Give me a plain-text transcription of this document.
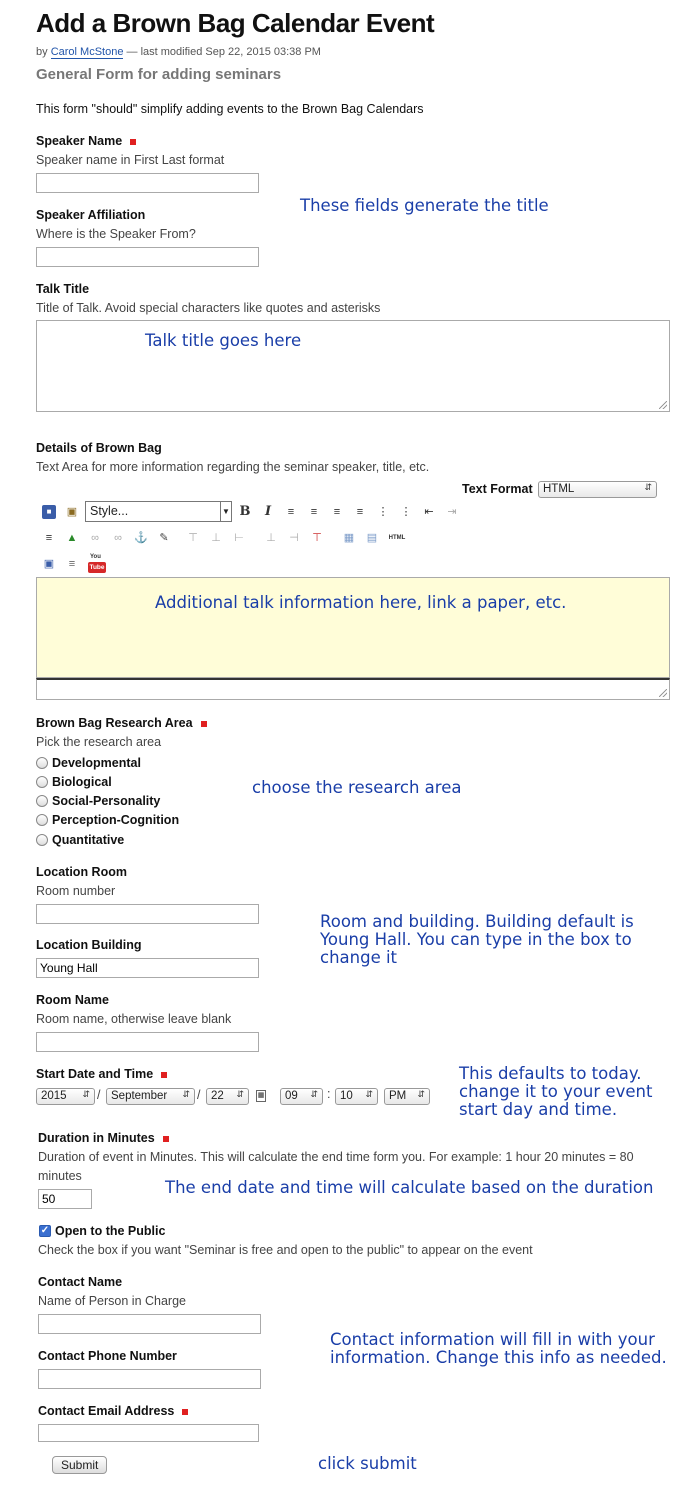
Add a Brown Bag Calendar Event
by Carol McStone — last modified Sep 22, 2015 03:38 PM
General Form for adding seminars
This form "should" simplify adding events to the Brown Bag Calendars
Speaker Name
Speaker name in First Last format
Speaker Affiliation
Where is the Speaker From?
These fields generate the title
Talk Title
Title of Talk. Avoid special characters like quotes and asterisks
Talk title goes here
Details of Brown Bag
Text Area for more information regarding the seminar speaker, title, etc.
Text Format HTML	⇵
■	▣ Style...	▼ B	I	≡	≡	≡	≡	⋮ ⋮ ⇤ ⇥
≡	▲ ∞ ∞ ⚓ ✎ ⊤ ⊥ ⊢ ⊥ ⊣ ⊤ ▦ ▤	HTML
▣	≡
You
Tube
Additional talk information here, link a paper, etc.
Brown Bag Research Area
Pick the research area
Developmental
Biological
Social-Personality
Perception-Cognition
Quantitative
choose the research area
Location Room
Room number
Location Building
Young Hall
Room and building. Building default is
Young Hall. You can type in the box to
change it
Room Name
Room name, otherwise leave blank
Start Date and Time
2015 ⇵ / September ⇵ / 22 ⇵ ▦	09 ⇵ : 10 ⇵	PM ⇵
This defaults to today.
change it to your event
start day and time.
Duration in Minutes
Duration of event in Minutes. This will calculate the end time form you. For example: 1 hour 20 minutes = 80
minutes
50
The end date and time will calculate based on the duration
✓ Open to the Public
Check the box if you want "Seminar is free and open to the public" to appear on the event
Contact Name
Name of Person in Charge
Contact Phone Number
Contact information will fill in with your
information. Change this info as needed.
Contact Email Address
Submit	click submit
